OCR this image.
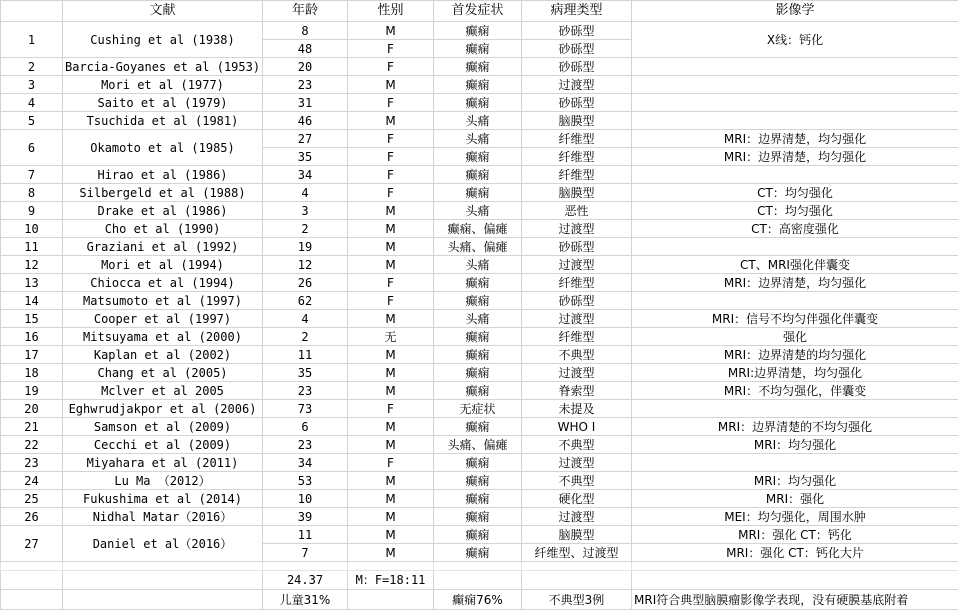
	文献	年龄	性别	首发症状	病理类型	影像学
1	Cushing et al (1938)	8	M	癫痫	砂砾型	X线：钙化
		48	F	癫痫	砂砾型	
2	Barcia-Goyanes et al (1953)	20	F	癫痫	砂砾型	
3	Mori et al (1977)	23	M	癫痫	过渡型	
4	Saito et al (1979)	31	F	癫痫	砂砾型	
5	Tsuchida et al (1981)	46	M	头痛	脑膜型	
6	Okamoto et al (1985)	27	F	头痛	纤维型	MRI：边界清楚，均匀强化
		35	F	癫痫	纤维型	MRI：边界清楚，均匀强化
7	Hirao et al (1986)	34	F	癫痫	纤维型	
8	Silbergeld et al (1988)	4	F	癫痫	脑膜型	CT：均匀强化
9	Drake et al (1986)	3	M	头痛	恶性	CT：均匀强化
10	Cho et al (1990)	2	M	癫痫、偏瘫	过渡型	CT：高密度强化
11	Graziani et al (1992)	19	M	头痛、偏瘫	砂砾型	
12	Mori et al (1994)	12	M	头痛	过渡型	CT、MRI强化伴囊变
13	Chiocca et al (1994)	26	F	癫痫	纤维型	MRI：边界清楚，均匀强化
14	Matsumoto et al (1997)	62	F	癫痫	砂砾型	
15	Cooper et al (1997)	4	M	头痛	过渡型	MRI：信号不均匀伴强化伴囊变
16	Mitsuyama et al (2000)	2	无	癫痫	纤维型	强化
17	Kaplan et al (2002)	11	M	癫痫	不典型	MRI：边界清楚的均匀强化
18	Chang et al (2005)	35	M	癫痫	过渡型	MRI:边界清楚，均匀强化
19	Mclver et al 2005	23	M	癫痫	脊索型	MRI：不均匀强化，伴囊变
20	Eghwrudjakpor et al (2006)	73	F	无症状	未提及	
21	Samson et al (2009)	6	M	癫痫	WHO I	MRI：边界清楚的不均匀强化
22	Cecchi et al (2009)	23	M	头痛、偏瘫	不典型	MRI：均匀强化
23	Miyahara et al (2011)	34	F	癫痫	过渡型	
24	Lu Ma （2012）	53	M	癫痫	不典型	MRI：均匀强化
25	Fukushima et al (2014)	10	M	癫痫	硬化型	MRI：强化
26	Nidhal Matar（2016）	39	M	癫痫	过渡型	MEI：均匀强化，周围水肿
27	Daniel et al（2016）	11	M	癫痫	脑膜型	MRI：强化 CT：钙化
		7	M	癫痫	纤维型、过渡型	MRI：强化 CT：钙化大片

		24.37	M：F=18:11			
		儿童31%		癫痫76%	不典型3例	MRI符合典型脑膜瘤影像学表现，没有硬膜基底附着
